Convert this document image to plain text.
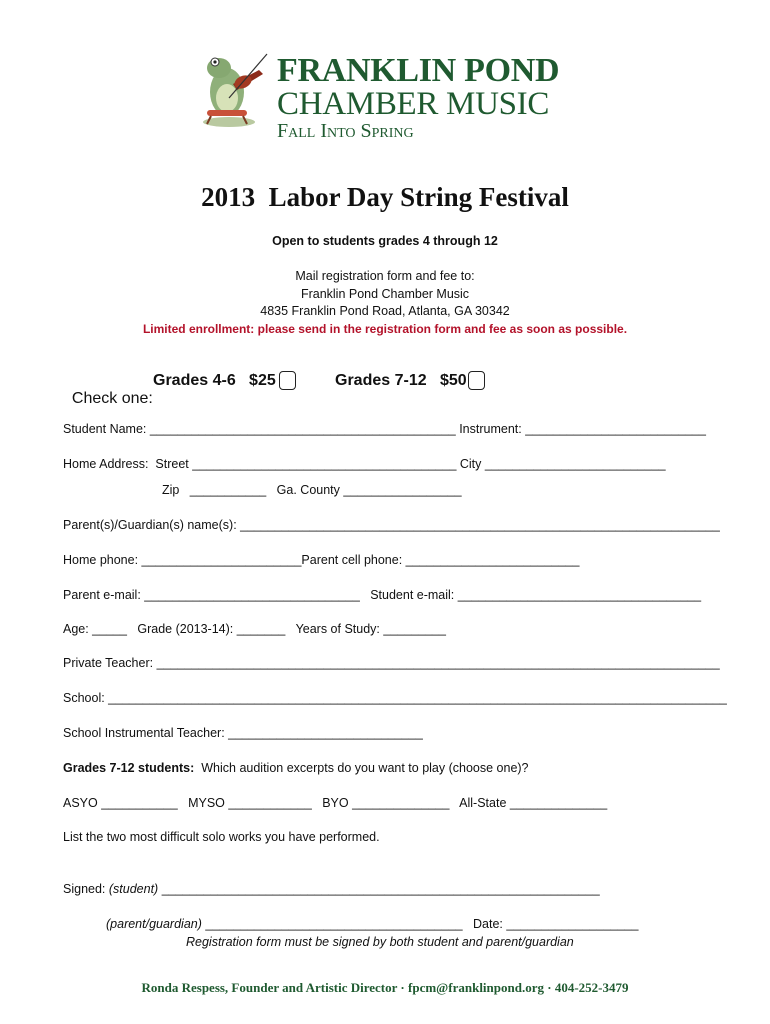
FRANKLIN POND
CHAMBER MUSIC
Fall Into Spring
2013  Labor Day String Festival
Open to students grades 4 through 12
Mail registration form and fee to:
Franklin Pond Chamber Music
4835 Franklin Pond Road, Atlanta, GA 30342
Limited enrollment: please send in the registration form and fee as soon as possible.

Check one:

Grades 4-6   $25

	Grades 7-12   $50

Student Name: ____________________________________________ Instrument: __________________________
Home Address:  Street ______________________________________ City __________________________
Zip   ___________   Ga. County _________________
Parent(s)/Guardian(s) name(s): _____________________________________________________________________
Home phone: _______________________Parent cell phone: _________________________
Parent e-mail: _______________________________   Student e-mail: ___________________________________
Age: _____   Grade (2013-14): _______   Years of Study: _________
Private Teacher: _________________________________________________________________________________
School: _________________________________________________________________________________________
School Instrumental Teacher: ____________________________
Grades 7-12 students:  Which audition excerpts do you want to play (choose one)?
ASYO ___________   MYSO ____________   BYO ______________   All-State ______________
List the two most difficult solo works you have performed.
Signed: (student) _______________________________________________________________
(parent/guardian) _____________________________________   Date: ___________________
Registration form must be signed by both student and parent/guardian
Ronda Respess, Founder and Artistic Director · fpcm@franklinpond.org · 404-252-3479
